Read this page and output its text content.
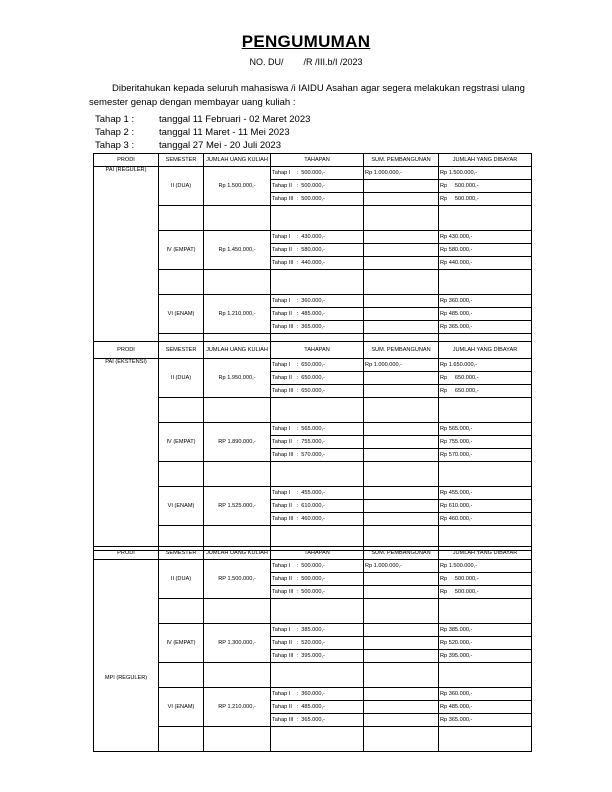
PENGUMUMAN
NO. DU/        /R /III.b/I /2023
Diberitahukan kepada seluruh mahasiswa /i IAIDU Asahan agar segera melakukan regstrasi ulang
semester genap dengan membayar uang kuliah :
Tahap 1 :	tanggal 11 Februari - 02 Maret 2023
Tahap 2 :	tanggal 11 Maret - 11 Mei 2023
Tahap 3 :	tanggal 27 Mei - 20 Juli 2023
PRODI	SEMESTER	JUMLAH UANG KULIAH	TAHAPAN	SUM. PEMBANGUNAN	JUMLAH YANG DIBAYAR
PAI (REGULER)	II (DUA)	Rp 1.500.000,-	Tahap I    :  500.000,-	Rp 1.000.000,-	Rp 1.500.000,-
			Tahap II   :  500.000,-		Rp     500.000,-
			Tahap III  :  500.000,-		Rp     500.000,-

	IV (EMPAT)	Rp 1.450.000,-	Tahap I    :  430.000,-		Rp 430.000,-
			Tahap II   :  580.000,-		Rp 580.000,-
			Tahap III  :  440.000,-		Rp 440.000,-

	VI (ENAM)	Rp 1.210.000,-	Tahap I    :  360.000,-		Rp 360.000,-
			Tahap II   :  485.000,-		Rp 485.000,-
			Tahap III  :  365.000,-		Rp 365.000,-

PRODI	SEMESTER	JUMLAH UANG KULIAH	TAHAPAN	SUM. PEMBANGUNAN	JUMLAH YANG DIBAYAR
PAI (EKSTENSI)	II (DUA)	Rp 1.950.000,-	Tahap I    :  650.000,-	Rp 1.000.000,-	Rp 1.650.000,-
			Tahap II   :  650.000,-		Rp     650.000,-
			Tahap III  :  650.000,-		Rp     650.000,-

	IV (EMPAT)	RP 1.890.000,-	Tahap I    :  565.000,-		Rp 565.000,-
			Tahap II   :  755.000,-		Rp 755.000,-
			Tahap III  :  570.000,-		Rp 570.000,-

	VI (ENAM)	RP 1.525.000,-	Tahap I    :  455.000,-		Rp 455.000,-
			Tahap II   :  610.000,-		Rp 610.000,-
			Tahap III  :  460.000,-		Rp 460.000,-

PRODI	SEMESTER	JUMLAH UANG KULIAH	TAHAPAN	SUM. PEMBANGUNAN	JUMLAH YANG DIBAYAR
MPI (REGULER)	II (DUA)	RP 1.500.000,-	Tahap I    :  500.000,-	Rp 1.000.000,-	Rp 1.500.000,-
			Tahap II   :  500.000,-		Rp     500.000,-
			Tahap III  :  500.000,-		Rp     500.000,-

	IV (EMPAT)	RP 1.300.000,-	Tahap I    :  385.000,-		Rp 385.000,-
			Tahap II   :  520.000,-		Rp 520.000,-
			Tahap III  :  395.000,-		Rp 395.000,-

	VI (ENAM)	RP 1.210.000,-	Tahap I    :  360.000,-		Rp 360.000,-
			Tahap II   :  485.000,-		Rp 485.000,-
			Tahap III  :  365.000,-		Rp 365.000,-
